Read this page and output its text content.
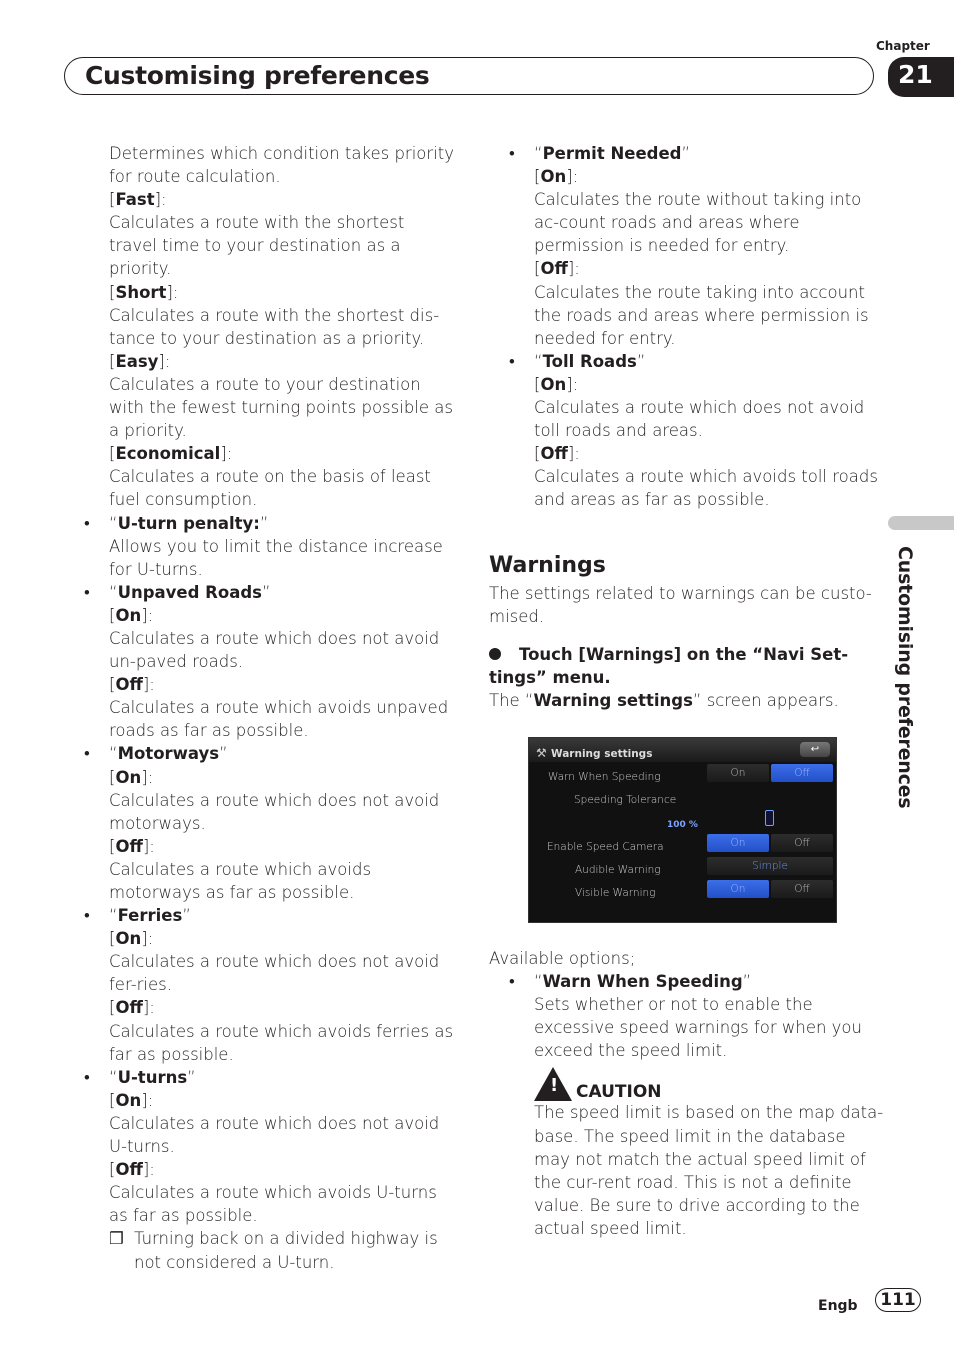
Chapter
Customising preferences	21

Determines which condition takes priority for route calculation.

[Fast]:

Calculates a route with the shortest travel time to your destination as a priority.

[Short]:

Calculates a route with the shortest dis-tance to your destination as a priority.

[Easy]:

Calculates a route to your destination with the fewest turning points possible as a priority.

[Economical]:

Calculates a route on the basis of least fuel consumption.

• “U-turn penalty:”

Allows you to limit the distance increase for U-turns.

• “Unpaved Roads”

[On]:

Calculates a route which does not avoid un-paved roads.

[Off]:

Calculates a route which avoids unpaved roads as far as possible.

• “Motorways”

[On]:

Calculates a route which does not avoid motorways.

[Off]:

Calculates a route which avoids motorways as far as possible.

• “Ferries”

[On]:

Calculates a route which does not avoid fer-ries.

[Off]:

Calculates a route which avoids ferries as far as possible.

• “U-turns”

[On]:

Calculates a route which does not avoid U-turns.

[Off]:

Calculates a route which avoids U-turns as far as possible.

❒ Turning back on a divided highway is not considered a U-turn.

• “Permit Needed”

[On]:

Calculates the route without taking into ac-count roads and areas where permission is needed for entry.

[Off]:

Calculates the route taking into account the roads and areas where permission is needed for entry.

• “Toll Roads”

[On]:

Calculates a route which does not avoid toll roads and areas.

[Off]:

Calculates a route which avoids toll roads and areas as far as possible.

Warnings

The settings related to warnings can be custo-mised.

Touch [Warnings] on the “Navi Set-tings” menu.

The “Warning settings” screen appears.

⚒ Warning settings	↩
Warn When Speeding	On	Off
Speeding Tolerance
100 %
Enable Speed Camera	On	Off
Audible Warning	Simple
Visible Warning	On	Off

Available options;

• “Warn When Speeding”

Sets whether or not to enable the excessive speed warnings for when you exceed the speed limit.

! CAUTION

The speed limit is based on the map data-base. The speed limit in the database may not match the actual speed limit of the cur-rent road. This is not a definite value. Be sure to drive according to the actual speed limit.

Customising preferences
Engb	111
